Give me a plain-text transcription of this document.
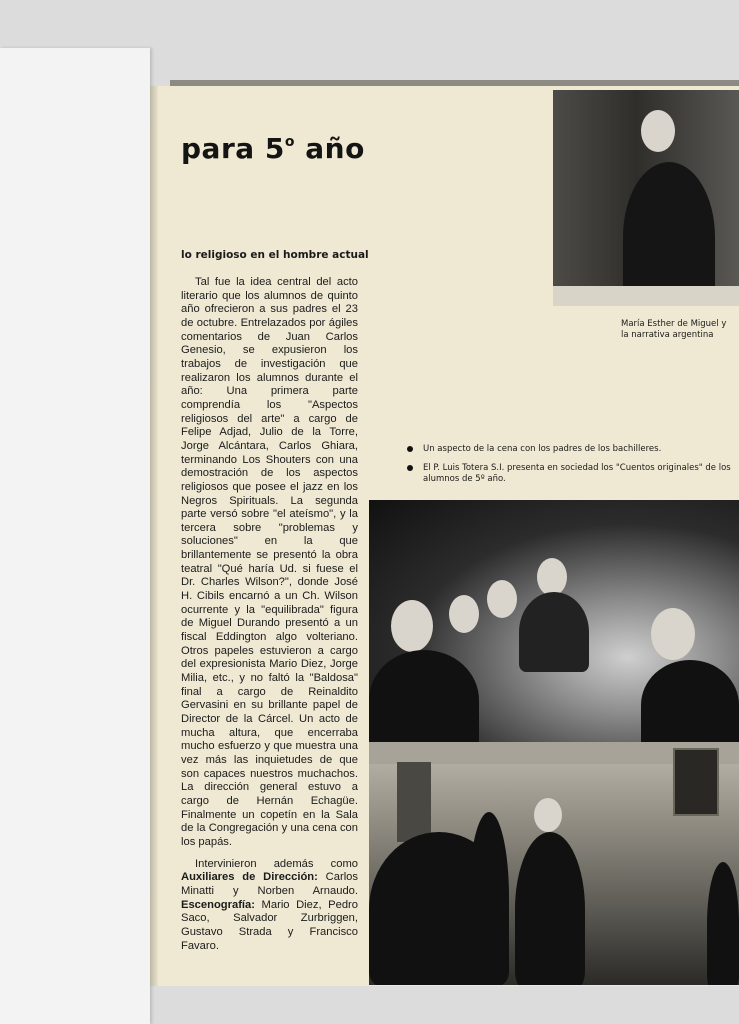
para 5$^o$ año
lo religioso en el hombre actual

Tal fue la idea central del acto literario que los alumnos de quinto año ofrecieron a sus padres el 23 de octubre. Entrelazados por ágiles comentarios de Juan Carlos Genesio, se expusieron los trabajos de investigación que realizaron los alumnos durante el año: Una primera parte comprendía los "Aspectos religiosos del arte" a cargo de Felipe Adjad, Julio de la Torre, Jorge Alcántara, Carlos Ghiara, terminando Los Shouters con una demostración de los aspectos religiosos que posee el jazz en los Negros Spirituals. La segunda parte versó sobre "el ateísmo", y la tercera sobre "problemas y soluciones" en la que brillantemente se presentó la obra teatral "Qué haría Ud. si fuese el Dr. Charles Wilson?", donde José H. Cibils encarnó a un Ch. Wilson ocurrente y la "equilibrada" figura de Miguel Durando presentó a un fiscal Eddington algo volteriano. Otros papeles estuvieron a cargo del expresionista Mario Diez, Jorge Milia, etc., y no faltó la "Baldosa" final a cargo de Reinaldito Gervasini en su brillante papel de Director de la Cárcel. Un acto de mucha altura, que encerraba mucho esfuerzo y que muestra una vez más las inquietudes de que son capaces nuestros muchachos. La dirección general estuvo a cargo de Hernán Echagüe. Finalmente un copetín en la Sala de la Congregación y una cena con los papás.

Intervinieron además como Auxiliares de Dirección: Carlos Minatti y Norben Arnaudo. Escenografía: Mario Diez, Pedro Saco, Salvador Zurbriggen, Gustavo Strada y Francisco Favaro.

María Esther de Miguel y la narrativa argentina
Un aspecto de la cena con los padres de los bachilleres.
El P. Luis Totera S.I. presenta en sociedad los "Cuentos originales" de los alumnos de 5º año.
